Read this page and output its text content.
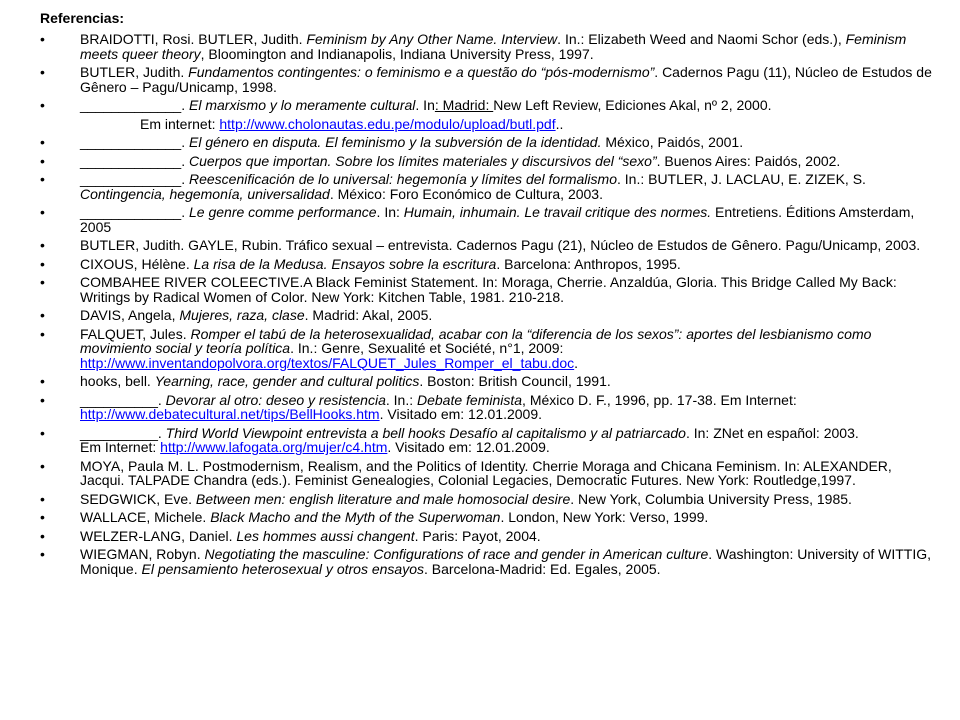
Referencias:
•	BRAIDOTTI, Rosi. BUTLER, Judith. Feminism by Any Other Name. Interview. In.: Elizabeth Weed and Naomi Schor (eds.), Feminism meets queer theory, Bloomington and Indianapolis, Indiana University Press, 1997.
•	BUTLER, Judith. Fundamentos contingentes: o feminismo e a questão do “pós-modernismo”. Cadernos Pagu (11), Núcleo de Estudos de Gênero – Pagu/Unicamp, 1998.
•	_____________. El marxismo y lo meramente cultural. In: Madrid: New Left Review, Ediciones Akal, nº 2, 2000.
Em internet: http://www.cholonautas.edu.pe/modulo/upload/butl.pdf..
•	_____________. El género en disputa. El feminismo y la subversión de la identidad. México, Paidós, 2001.
•	_____________. Cuerpos que importan. Sobre los límites materiales y discursivos del “sexo”. Buenos Aires: Paidós, 2002.
•	_____________. Reescenificación de lo universal: hegemonía y límites del formalismo. In.: BUTLER, J. LACLAU, E. ZIZEK, S. Contingencia, hegemonía, universalidad. México: Foro Económico de Cultura, 2003.
•	_____________. Le genre comme performance. In: Humain, inhumain. Le travail critique des normes. Entretiens. Éditions Amsterdam, 2005
•	BUTLER, Judith. GAYLE, Rubin. Tráfico sexual – entrevista. Cadernos Pagu (21), Núcleo de Estudos de Gênero. Pagu/Unicamp, 2003.
•	CIXOUS, Hélène. La risa de la Medusa. Ensayos sobre la escritura. Barcelona: Anthropos, 1995.
•	COMBAHEE RIVER COLEECTIVE.A Black Feminist Statement. In: Moraga, Cherrie. Anzaldúa, Gloria. This Bridge Called My Back: Writings by Radical Women of Color. New York: Kitchen Table, 1981. 210-218.
•	DAVIS, Angela, Mujeres, raza, clase. Madrid: Akal, 2005.
•	FALQUET, Jules. Romper el tabú de la heterosexualidad, acabar con la “diferencia de los sexos”: aportes del lesbianismo como movimiento social y teoría política. In.: Genre, Sexualité et Société, n°1, 2009: http://www.inventandopolvora.org/textos/FALQUET_Jules_Romper_el_tabu.doc.
•	hooks, bell. Yearning, race, gender and cultural politics. Boston: British Council, 1991.
•	__________. Devorar al otro: deseo y resistencia. In.: Debate feminista, México D. F., 1996, pp. 17-38. Em Internet: http://www.debatecultural.net/tips/BellHooks.htm. Visitado em: 12.01.2009.
•	__________. Third World Viewpoint entrevista a bell hooks Desafío al capitalismo y al patriarcado. In: ZNet en español: 2003.
Em Internet: http://www.lafogata.org/mujer/c4.htm. Visitado em: 12.01.2009.
•	MOYA, Paula M. L. Postmodernism, Realism, and the Politics of Identity. Cherrie Moraga and Chicana Feminism. In: ALEXANDER, Jacqui. TALPADE Chandra (eds.). Feminist Genealogies, Colonial Legacies, Democratic Futures. New York: Routledge,1997.
•	SEDGWICK, Eve. Between men: english literature and male homosocial desire. New York, Columbia University Press, 1985.
•	WALLACE, Michele. Black Macho and the Myth of the Superwoman. London, New York: Verso, 1999.
•	WELZER-LANG, Daniel. Les hommes aussi changent. Paris: Payot, 2004.
•	WIEGMAN, Robyn. Negotiating the masculine: Configurations of race and gender in American culture. Washington: University of WITTIG, Monique. El pensamiento heterosexual y otros ensayos. Barcelona-Madrid: Ed. Egales, 2005.
